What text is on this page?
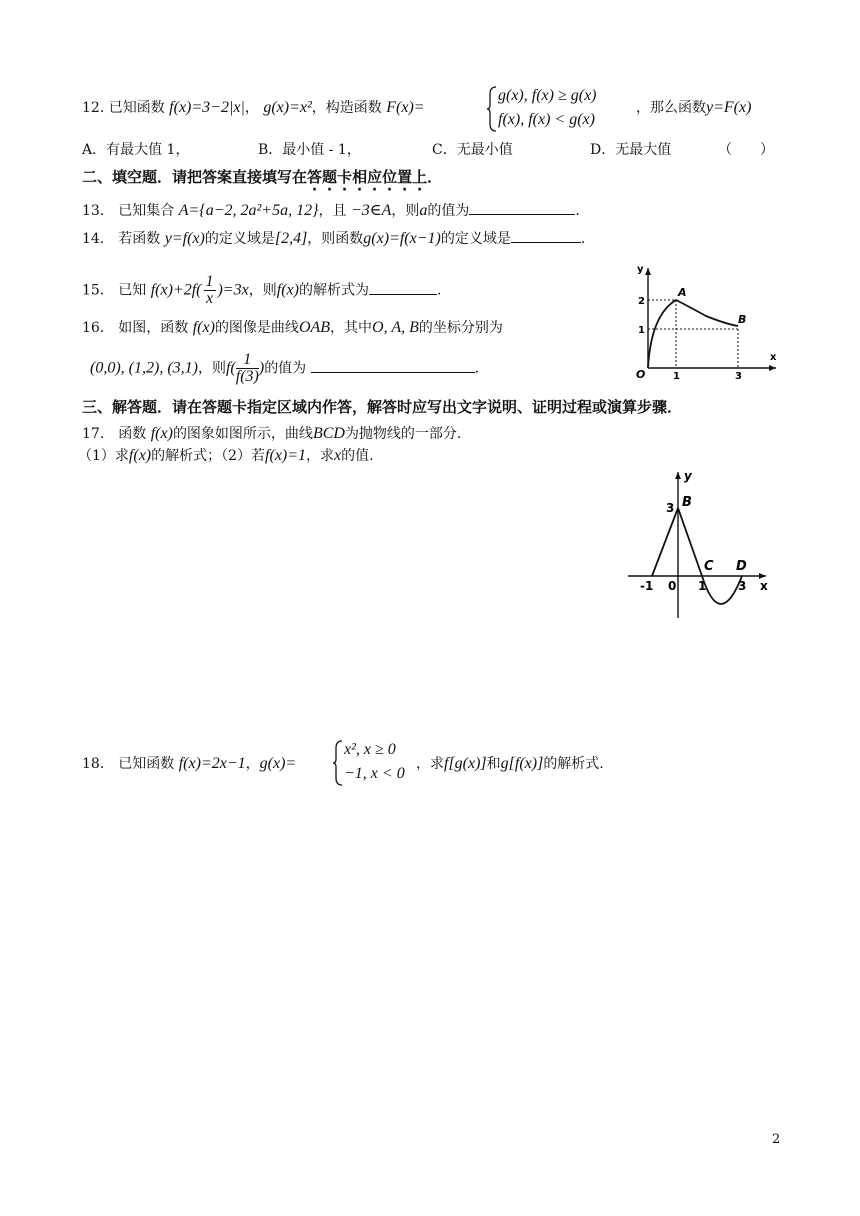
12. 已知函数 f(x)=3−2|x|， g(x)=x²，构造函数 F(x)=
g(x), f(x) ≥ g(x)
f(x), f(x) < g(x)
，那么函数y=F(x)
A．有最大值 1，	B．最小值 - 1，	C．无最小值	D．无最大值	（　　）
二、填空题．请把答案直接填写在答题卡相应位置上．
13． 已知集合 A={a−2, 2a²+5a, 12}，且 −3∈A，则a的值为	.
14． 若函数 y=f(x)的定义域是[2,4]，则函数g(x)=f(x−1)的定义域是	.
15． 已知 $f(x)+2f( \frac{1}{x} )=3x$，则f(x)的解析式为	.
16． 如图，函数 f(x)的图像是曲线OAB，其中O, A, B的坐标分别为
(0,0), (1,2), (3,1)，则$f( \frac{1}{f(3)}$ )的值为	.
y
x
O
2
1
1	3
A
B
三、解答题．请在答题卡指定区域内作答，解答时应写出文字说明、证明过程或演算步骤．
17． 函数 f(x)的图象如图所示，曲线BCD为抛物线的一部分.
（1）求f(x)的解析式；（2）若f(x)=1，求x的值.
y
x
3 B
C D
-1 0 1	3
18． 已知函数 f(x)=2x−1，g(x)=
x², x ≥ 0
−1, x < 0
，求f[g(x)]和g[f(x)]的解析式.
2
